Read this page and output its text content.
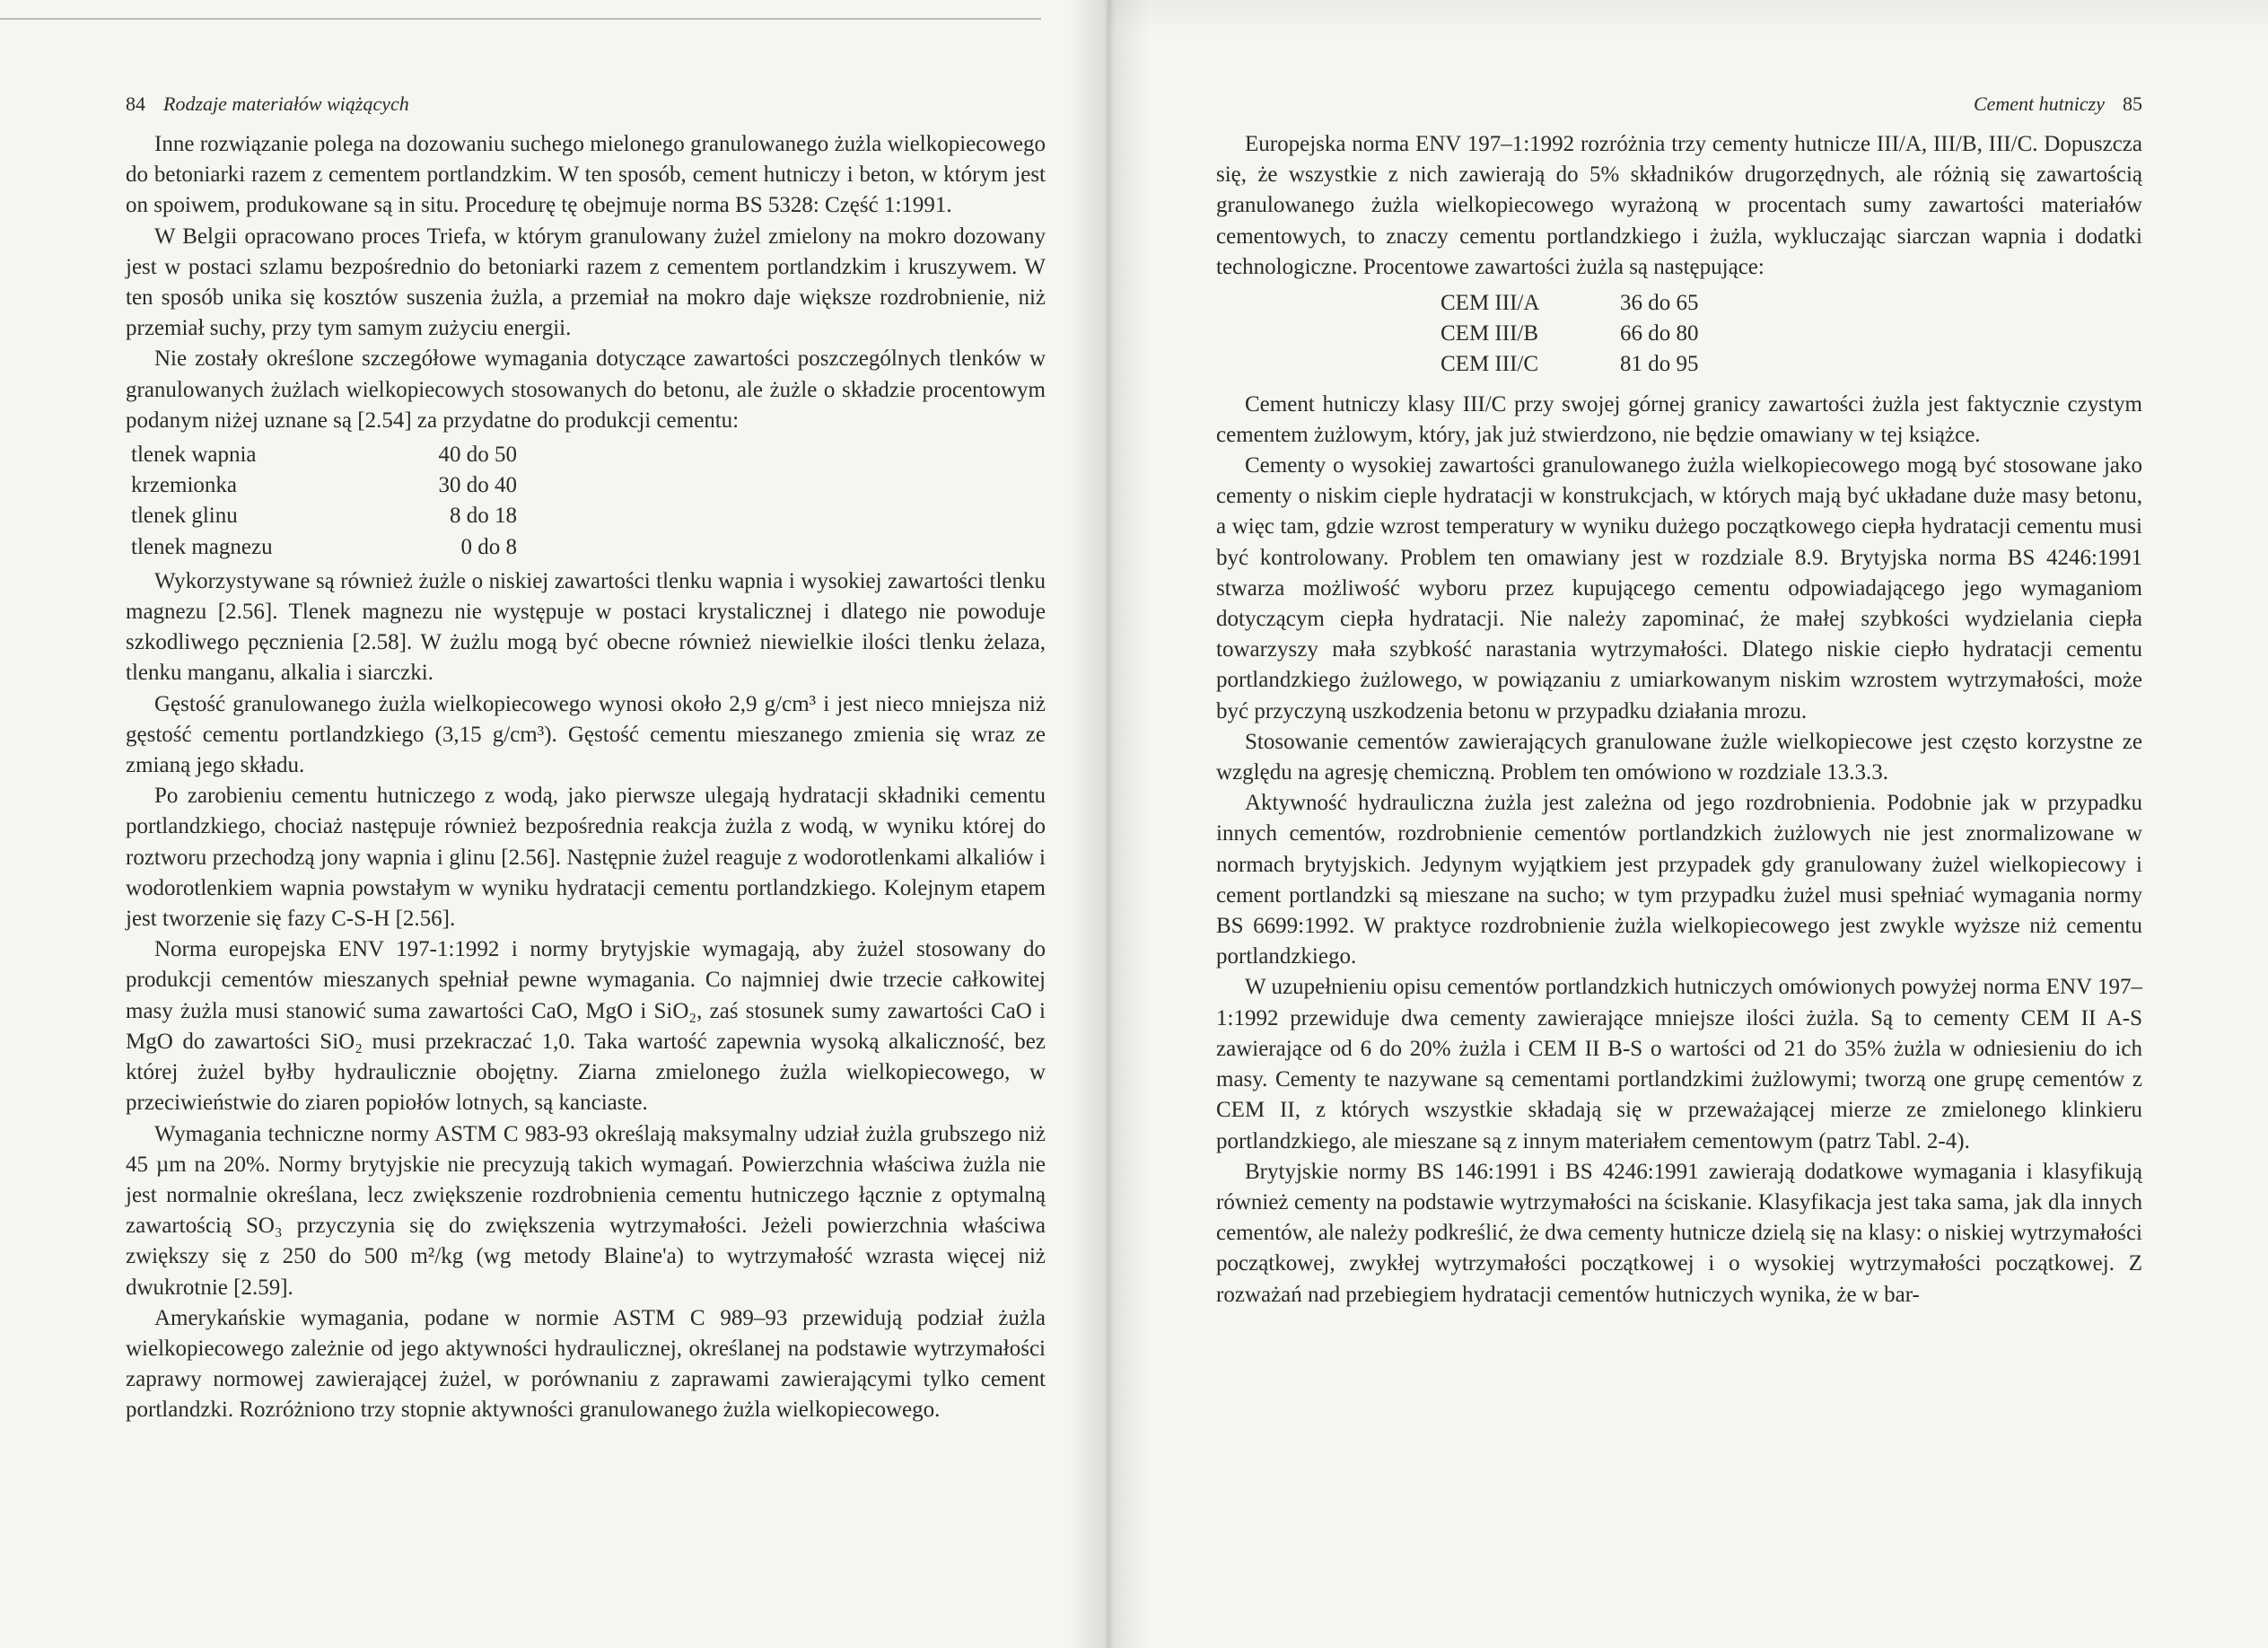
84 Rodzaje materiałów wiążących

Inne rozwiązanie polega na dozowaniu suchego mielonego granulowanego żużla wielkopiecowego do betoniarki razem z cementem portlandzkim. W ten sposób, cement hutniczy i beton, w którym jest on spoiwem, produkowane są in situ. Procedurę tę obejmuje norma BS 5328: Część 1:1991.

W Belgii opracowano proces Triefa, w którym granulowany żużel zmielony na mokro dozowany jest w postaci szlamu bezpośrednio do betoniarki razem z cementem portlandzkim i kruszywem. W ten sposób unika się kosztów suszenia żużla, a przemiał na mokro daje większe rozdrobnienie, niż przemiał suchy, przy tym samym zużyciu energii.

Nie zostały określone szczegółowe wymagania dotyczące zawartości poszczególnych tlenków w granulowanych żużlach wielkopiecowych stosowanych do betonu, ale żużle o składzie procentowym podanym niżej uznane są [2.54] za przydatne do produkcji cementu:

tlenek wapnia	40 do 50
krzemionka	30 do 40
tlenek glinu	8 do 18
tlenek magnezu	0 do 8

Wykorzystywane są również żużle o niskiej zawartości tlenku wapnia i wysokiej zawartości tlenku magnezu [2.56]. Tlenek magnezu nie występuje w postaci krystalicznej i dlatego nie powoduje szkodliwego pęcznienia [2.58]. W żużlu mogą być obecne również niewielkie ilości tlenku żelaza, tlenku manganu, alkalia i siarczki.

Gęstość granulowanego żużla wielkopiecowego wynosi około 2,9 g/cm³ i jest nieco mniejsza niż gęstość cementu portlandzkiego (3,15 g/cm³). Gęstość cementu mieszanego zmienia się wraz ze zmianą jego składu.

Po zarobieniu cementu hutniczego z wodą, jako pierwsze ulegają hydratacji składniki cementu portlandzkiego, chociaż następuje również bezpośrednia reakcja żużla z wodą, w wyniku której do roztworu przechodzą jony wapnia i glinu [2.56]. Następnie żużel reaguje z wodorotlenkami alkaliów i wodorotlenkiem wapnia powstałym w wyniku hydratacji cementu portlandzkiego. Kolejnym etapem jest tworzenie się fazy C-S-H [2.56].

Norma europejska ENV 197-1:1992 i normy brytyjskie wymagają, aby żużel stosowany do produkcji cementów mieszanych spełniał pewne wymagania. Co najmniej dwie trzecie całkowitej masy żużla musi stanowić suma zawartości CaO, MgO i SiO₂, zaś stosunek sumy zawartości CaO i MgO do zawartości SiO₂ musi przekraczać 1,0. Taka wartość zapewnia wysoką alkaliczność, bez której żużel byłby hydraulicznie obojętny. Ziarna zmielonego żużla wielkopiecowego, w przeciwieństwie do ziaren popiołów lotnych, są kanciaste.

Wymagania techniczne normy ASTM C 983-93 określają maksymalny udział żużla grubszego niż 45 µm na 20%. Normy brytyjskie nie precyzują takich wymagań. Powierzchnia właściwa żużla nie jest normalnie określana, lecz zwiększenie rozdrobnienia cementu hutniczego łącznie z optymalną zawartością SO₃ przyczynia się do zwiększenia wytrzymałości. Jeżeli powierzchnia właściwa zwiększy się z 250 do 500 m²/kg (wg metody Blaine'a) to wytrzymałość wzrasta więcej niż dwukrotnie [2.59].

Amerykańskie wymagania, podane w normie ASTM C 989–93 przewidują podział żużla wielkopiecowego zależnie od jego aktywności hydraulicznej, określanej na podstawie wytrzymałości zaprawy normowej zawierającej żużel, w porównaniu z zaprawami zawierającymi tylko cement portlandzki. Rozróżniono trzy stopnie aktywności granulowanego żużla wielkopiecowego.

Cement hutniczy 85

Europejska norma ENV 197–1:1992 rozróżnia trzy cementy hutnicze III/A, III/B, III/C. Dopuszcza się, że wszystkie z nich zawierają do 5% składników drugorzędnych, ale różnią się zawartością granulowanego żużla wielkopiecowego wyrażoną w procentach sumy zawartości materiałów cementowych, to znaczy cementu portlandzkiego i żużla, wykluczając siarczan wapnia i dodatki technologiczne. Procentowe zawartości żużla są następujące:

CEM III/A	36 do 65
CEM III/B	66 do 80
CEM III/C	81 do 95

Cement hutniczy klasy III/C przy swojej górnej granicy zawartości żużla jest faktycznie czystym cementem żużlowym, który, jak już stwierdzono, nie będzie omawiany w tej książce.

Cementy o wysokiej zawartości granulowanego żużla wielkopiecowego mogą być stosowane jako cementy o niskim cieple hydratacji w konstrukcjach, w których mają być układane duże masy betonu, a więc tam, gdzie wzrost temperatury w wyniku dużego początkowego ciepła hydratacji cementu musi być kontrolowany. Problem ten omawiany jest w rozdziale 8.9. Brytyjska norma BS 4246:1991 stwarza możliwość wyboru przez kupującego cementu odpowiadającego jego wymaganiom dotyczącym ciepła hydratacji. Nie należy zapominać, że małej szybkości wydzielania ciepła towarzyszy mała szybkość narastania wytrzymałości. Dlatego niskie ciepło hydratacji cementu portlandzkiego żużlowego, w powiązaniu z umiarkowanym niskim wzrostem wytrzymałości, może być przyczyną uszkodzenia betonu w przypadku działania mrozu.

Stosowanie cementów zawierających granulowane żużle wielkopiecowe jest często korzystne ze względu na agresję chemiczną. Problem ten omówiono w rozdziale 13.3.3.

Aktywność hydrauliczna żużla jest zależna od jego rozdrobnienia. Podobnie jak w przypadku innych cementów, rozdrobnienie cementów portlandzkich żużlowych nie jest znormalizowane w normach brytyjskich. Jedynym wyjątkiem jest przypadek gdy granulowany żużel wielkopiecowy i cement portlandzki są mieszane na sucho; w tym przypadku żużel musi spełniać wymagania normy BS 6699:1992. W praktyce rozdrobnienie żużla wielkopiecowego jest zwykle wyższe niż cementu portlandzkiego.

W uzupełnieniu opisu cementów portlandzkich hutniczych omówionych powyżej norma ENV 197–1:1992 przewiduje dwa cementy zawierające mniejsze ilości żużla. Są to cementy CEM II A-S zawierające od 6 do 20% żużla i CEM II B-S o wartości od 21 do 35% żużla w odniesieniu do ich masy. Cementy te nazywane są cementami portlandzkimi żużlowymi; tworzą one grupę cementów z CEM II, z których wszystkie składają się w przeważającej mierze ze zmielonego klinkieru portlandzkiego, ale mieszane są z innym materiałem cementowym (patrz Tabl. 2-4).

Brytyjskie normy BS 146:1991 i BS 4246:1991 zawierają dodatkowe wymagania i klasyfikują również cementy na podstawie wytrzymałości na ściskanie. Klasyfikacja jest taka sama, jak dla innych cementów, ale należy podkreślić, że dwa cementy hutnicze dzielą się na klasy: o niskiej wytrzymałości początkowej, zwykłej wytrzymałości początkowej i o wysokiej wytrzymałości początkowej. Z rozważań nad przebiegiem hydratacji cementów hutniczych wynika, że w bar-
